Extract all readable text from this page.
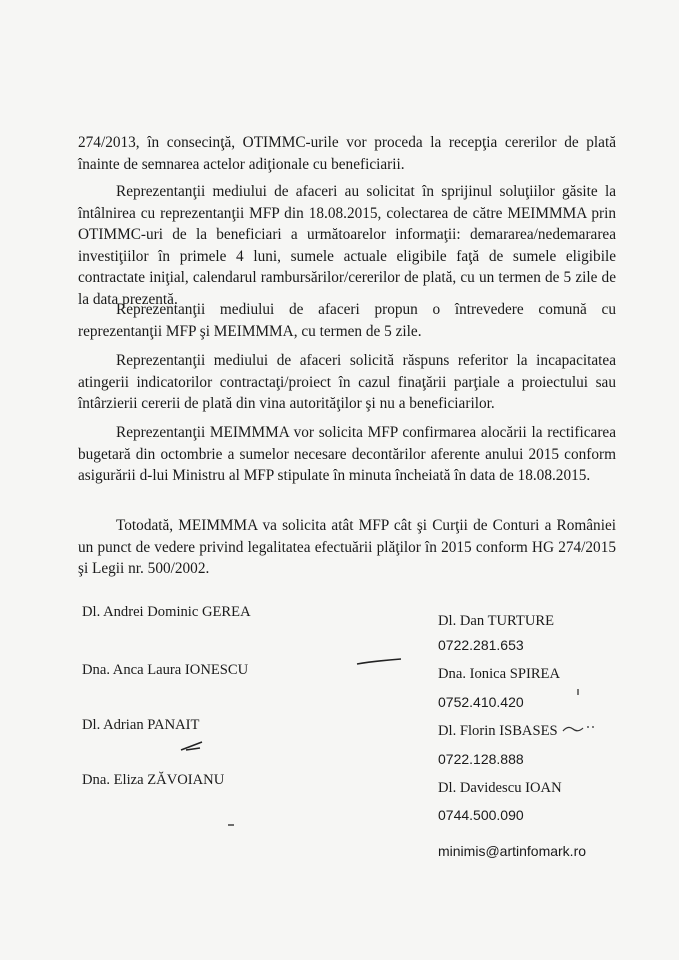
274/2013, în consecinţă, OTIMMC-urile vor proceda la recepţia cererilor de plată înainte de semnarea actelor adiţionale cu beneficiarii.
Reprezentanţii mediului de afaceri au solicitat în sprijinul soluţiilor găsite la întâlnirea cu reprezentanţii MFP din 18.08.2015, colectarea de către MEIMMMA prin OTIMMC-uri de la beneficiari a următoarelor informaţii: demararea/nedemararea investiţiilor în primele 4 luni, sumele actuale eligibile faţă de sumele eligibile contractate iniţial, calendarul rambursărilor/cererilor de plată, cu un termen de 5 zile de la data prezentă.
Reprezentanţii mediului de afaceri propun o întrevedere comună cu reprezentanţii MFP şi MEIMMMA, cu termen de 5 zile.
Reprezentanţii mediului de afaceri solicită răspuns referitor la incapacitatea atingerii indicatorilor contractaţi/proiect în cazul finaţării parţiale a proiectului sau întârzierii cererii de plată din vina autorităţilor şi nu a beneficiarilor.
Reprezentanţii MEIMMMA vor solicita MFP confirmarea alocării la rectificarea bugetară din octombrie a sumelor necesare decontărilor aferente anului 2015 conform asigurării d-lui Ministru al MFP stipulate în minuta încheiată în data de 18.08.2015.
Totodată, MEIMMMA va solicita atât MFP cât şi Curţii de Conturi a României un punct de vedere privind legalitatea efectuării plăţilor în 2015 conform HG 274/2015 şi Legii nr. 500/2002.
Dl. Andrei Dominic GEREA
Dna. Anca Laura IONESCU
Dl. Adrian PANAIT
Dna. Eliza ZĂVOIANU
Dl. Dan TURTURE
0722.281.653
Dna. Ionica SPIREA
0752.410.420
Dl. Florin ISBASES
0722.128.888
Dl. Davidescu IOAN
0744.500.090
minimis@artinfomark.ro
